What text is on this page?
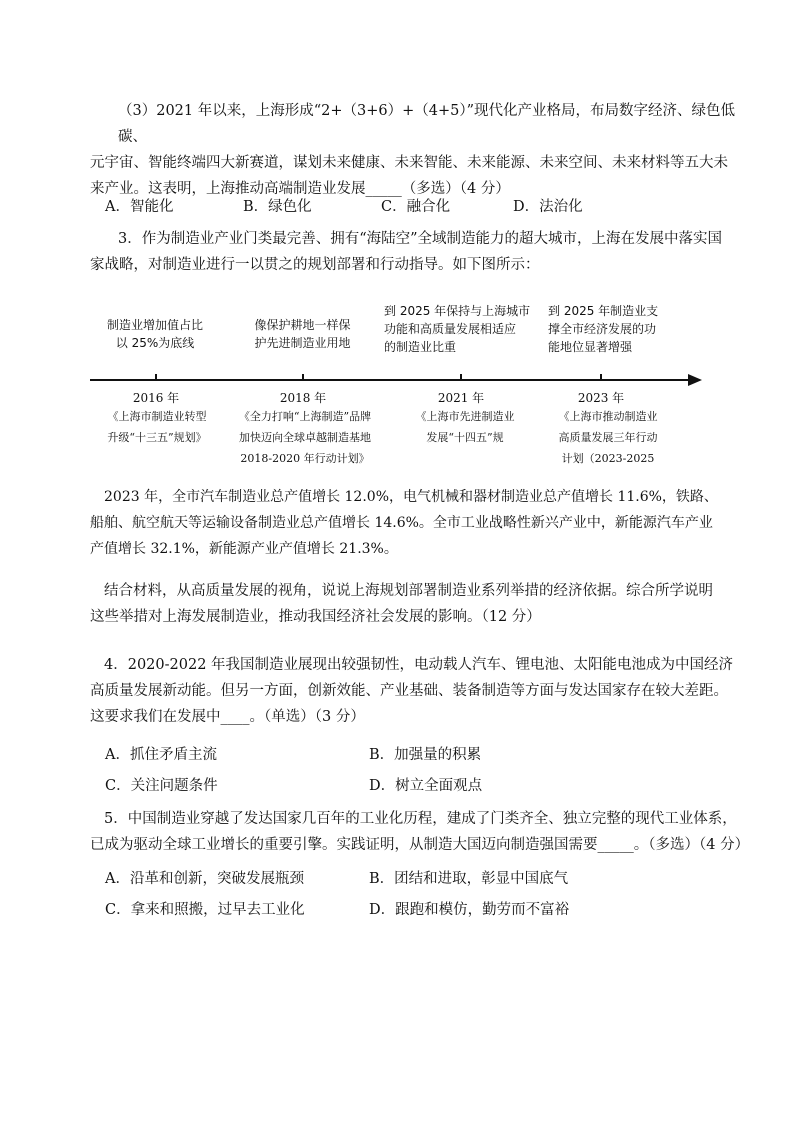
（3）2021 年以来，上海形成“2+（3+6）+（4+5）”现代化产业格局，布局数字经济、绿色低碳、
元宇宙、智能终端四大新赛道，谋划未来健康、未来智能、未来能源、未来空间、未来材料等五大未
来产业。这表明，上海推动高端制造业发展_____（多选）（4 分）

A．智能化	B．绿色化	C．融合化	D．法治化

3．作为制造业产业门类最完善、拥有“海陆空”全域制造能力的超大城市，上海在发展中落实国
家战略，对制造业进行一以贯之的规划部署和行动指导。如下图所示：

制造业增加值占比
以 25%为底线
像保护耕地一样保
护先进制造业用地
到 2025 年保持与上海城市
功能和高质量发展相适应
的制造业比重
到 2025 年制造业支
撑全市经济发展的功
能地位显著增强
2016 年	2018 年	2021 年	2023 年
《上海市制造业转型
升级“十三五”规划》
《全力打响“上海制造”品牌
加快迈向全球卓越制造基地
2018-2020 年行动计划》
《上海市先进制造业
发展“十四五”规
《上海市推动制造业
高质量发展三年行动
计划（2023-2025

2023 年，全市汽车制造业总产值增长 12.0%，电气机械和器材制造业总产值增长 11.6%，铁路、
船舶、航空航天等运输设备制造业总产值增长 14.6%。全市工业战略性新兴产业中，新能源汽车产业
产值增长 32.1%，新能源产业产值增长 21.3%。

结合材料，从高质量发展的视角，说说上海规划部署制造业系列举措的经济依据。综合所学说明
这些举措对上海发展制造业，推动我国经济社会发展的影响。（12 分）

4．2020-2022 年我国制造业展现出较强韧性，电动载人汽车、锂电池、太阳能电池成为中国经济
高质量发展新动能。但另一方面，创新效能、产业基础、装备制造等方面与发达国家存在较大差距。
这要求我们在发展中____。（单选）（3 分）

A．抓住矛盾主流	B．加强量的积累
C．关注问题条件	D．树立全面观点

5．中国制造业穿越了发达国家几百年的工业化历程，建成了门类齐全、独立完整的现代工业体系，
已成为驱动全球工业增长的重要引擎。实践证明，从制造大国迈向制造强国需要_____。（多选）（4 分）

A．沿革和创新，突破发展瓶颈	B．团结和进取，彰显中国底气
C．拿来和照搬，过早去工业化	D．跟跑和模仿，勤劳而不富裕
